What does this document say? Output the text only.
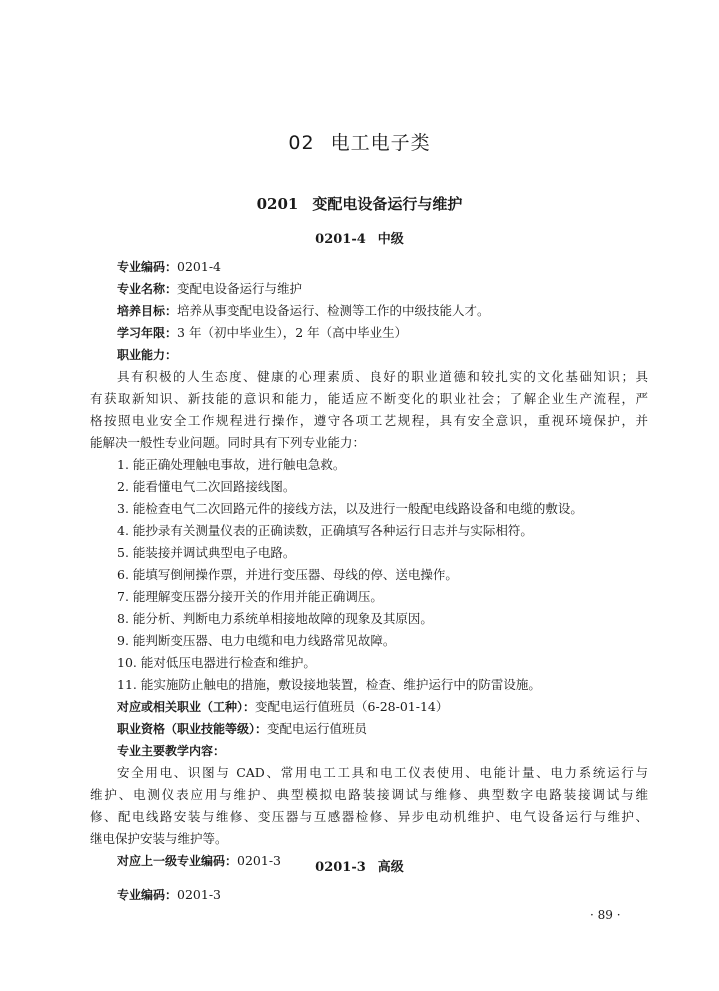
02 电工电子类
0201 变配电设备运行与维护
0201-4 中级
专业编码：0201-4
专业名称：变配电设备运行与维护
培养目标：培养从事变配电设备运行、检测等工作的中级技能人才。
学习年限：3 年（初中毕业生），2 年（高中毕业生）
职业能力：
具有积极的人生态度、健康的心理素质、良好的职业道德和较扎实的文化基础知识；具
有获取新知识、新技能的意识和能力，能适应不断变化的职业社会；了解企业生产流程，严
格按照电业安全工作规程进行操作，遵守各项工艺规程，具有安全意识，重视环境保护，并
能解决一般性专业问题。同时具有下列专业能力：
1. 能正确处理触电事故，进行触电急救。
2. 能看懂电气二次回路接线图。
3. 能检查电气二次回路元件的接线方法，以及进行一般配电线路设备和电缆的敷设。
4. 能抄录有关测量仪表的正确读数，正确填写各种运行日志并与实际相符。
5. 能装接并调试典型电子电路。
6. 能填写倒闸操作票，并进行变压器、母线的停、送电操作。
7. 能理解变压器分接开关的作用并能正确调压。
8. 能分析、判断电力系统单相接地故障的现象及其原因。
9. 能判断变压器、电力电缆和电力线路常见故障。
10. 能对低压电器进行检查和维护。
11. 能实施防止触电的措施，敷设接地装置，检查、维护运行中的防雷设施。
对应或相关职业（工种）：变配电运行值班员（6-28-01-14）
职业资格（职业技能等级）：变配电运行值班员
专业主要教学内容：
安全用电、识图与 CAD、常用电工工具和电工仪表使用、电能计量、电力系统运行与
维护、电测仪表应用与维护、典型模拟电路装接调试与维修、典型数字电路装接调试与维
修、配电线路安装与维修、变压器与互感器检修、异步电动机维护、电气设备运行与维护、
继电保护安装与维护等。
对应上一级专业编码：0201-3	0201-3 高级
专业编码：0201-3
· 89 ·
